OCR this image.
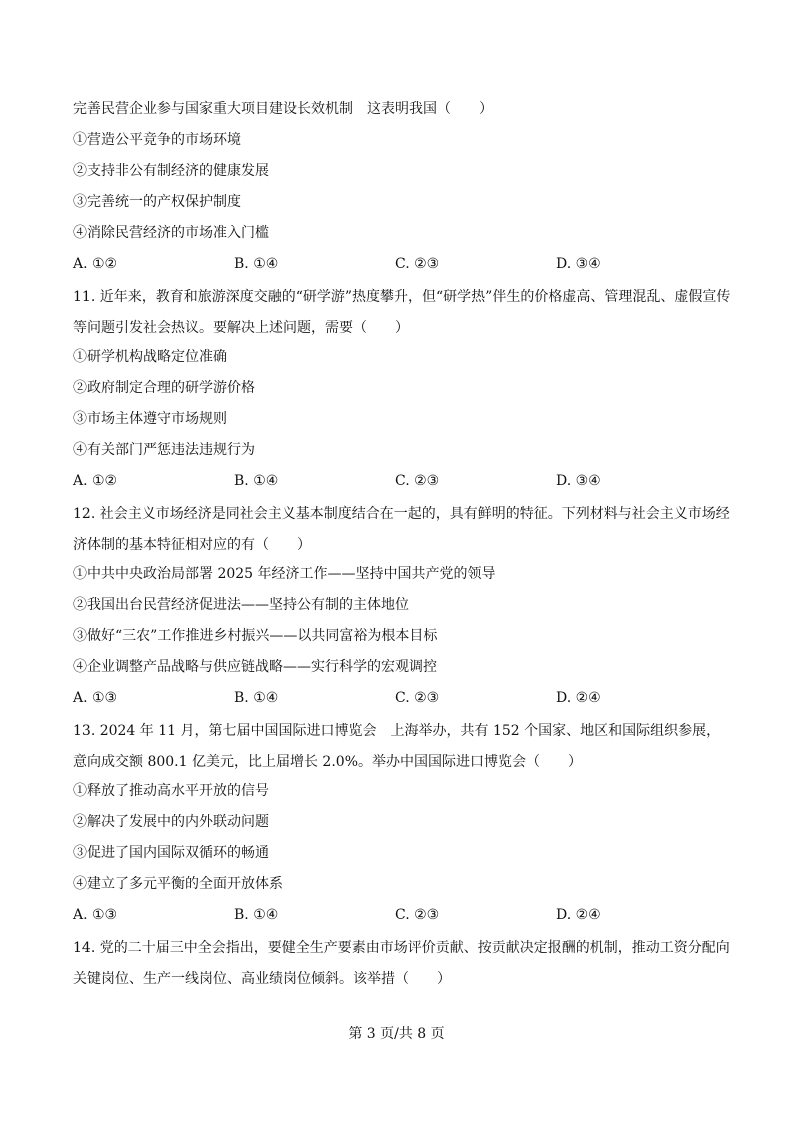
完善民营企业参与国家重大项目建设长效机制　这表明我国（　　）
①营造公平竞争的市场环境
②支持非公有制经济的健康发展
③完善统一的产权保护制度
④消除民营经济的市场准入门槛
A. ①②	B. ①④	C. ②③	D. ③④
11. 近年来，教育和旅游深度交融的“研学游”热度攀升，但“研学热”伴生的价格虚高、管理混乱、虚假宣传等问题引发社会热议。要解决上述问题，需要（　　）
①研学机构战略定位准确
②政府制定合理的研学游价格
③市场主体遵守市场规则
④有关部门严惩违法违规行为
A. ①②	B. ①④	C. ②③	D. ③④
12. 社会主义市场经济是同社会主义基本制度结合在一起的，具有鲜明的特征。下列材料与社会主义市场经济体制的基本特征相对应的有（　　）
①中共中央政治局部署 2025 年经济工作——坚持中国共产党的领导
②我国出台民营经济促进法——坚持公有制的主体地位
③做好“三农”工作推进乡村振兴——以共同富裕为根本目标
④企业调整产品战略与供应链战略——实行科学的宏观调控
A. ①③	B. ①④	C. ②③	D. ②④
13. 2024 年 11 月，第七届中国国际进口博览会　上海举办，共有 152 个国家、地区和国际组织参展，意向成交额 800.1 亿美元，比上届增长 2.0%。举办中国国际进口博览会（　　）
①释放了推动高水平开放的信号
②解决了发展中的内外联动问题
③促进了国内国际双循环的畅通
④建立了多元平衡的全面开放体系
A. ①③	B. ①④	C. ②③	D. ②④
14. 党的二十届三中全会指出，要健全生产要素由市场评价贡献、按贡献决定报酬的机制，推动工资分配向关键岗位、生产一线岗位、高业绩岗位倾斜。该举措（　　）
第 3 页/共 8 页
